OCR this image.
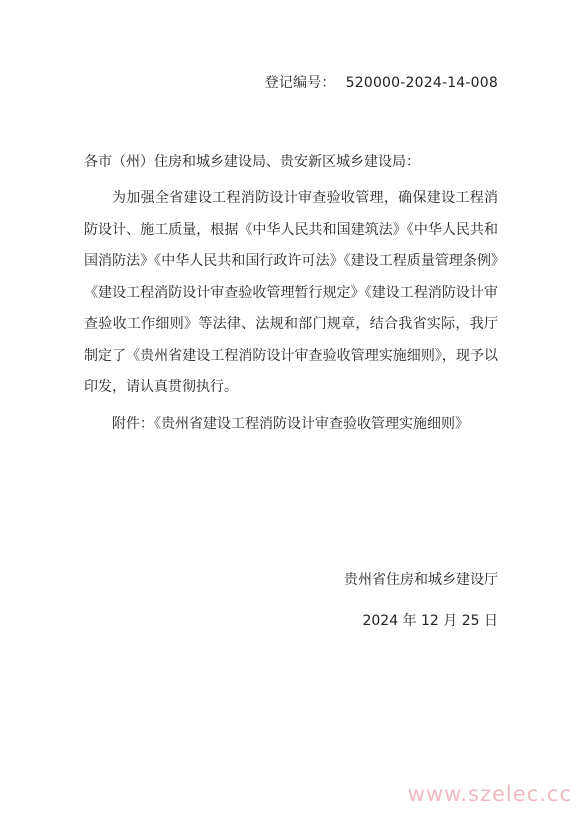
登记编号： 520000-2024-14-008
各市（州）住房和城乡建设局、贵安新区城乡建设局：

为加强全省建设工程消防设计审查验收管理，确保建设工程消防设计、施工质量，根据《中华人民共和国建筑法》《中华人民共和国消防法》《中华人民共和国行政许可法》《建设工程质量管理条例》《建设工程消防设计审查验收管理暂行规定》《建设工程消防设计审查验收工作细则》等法律、法规和部门规章，结合我省实际，我厅制定了《贵州省建设工程消防设计审查验收管理实施细则》，现予以印发，请认真贯彻执行。

附件：《贵州省建设工程消防设计审查验收管理实施细则》
贵州省住房和城乡建设厅
2024 年 12 月 25 日
www.szelec.cc
